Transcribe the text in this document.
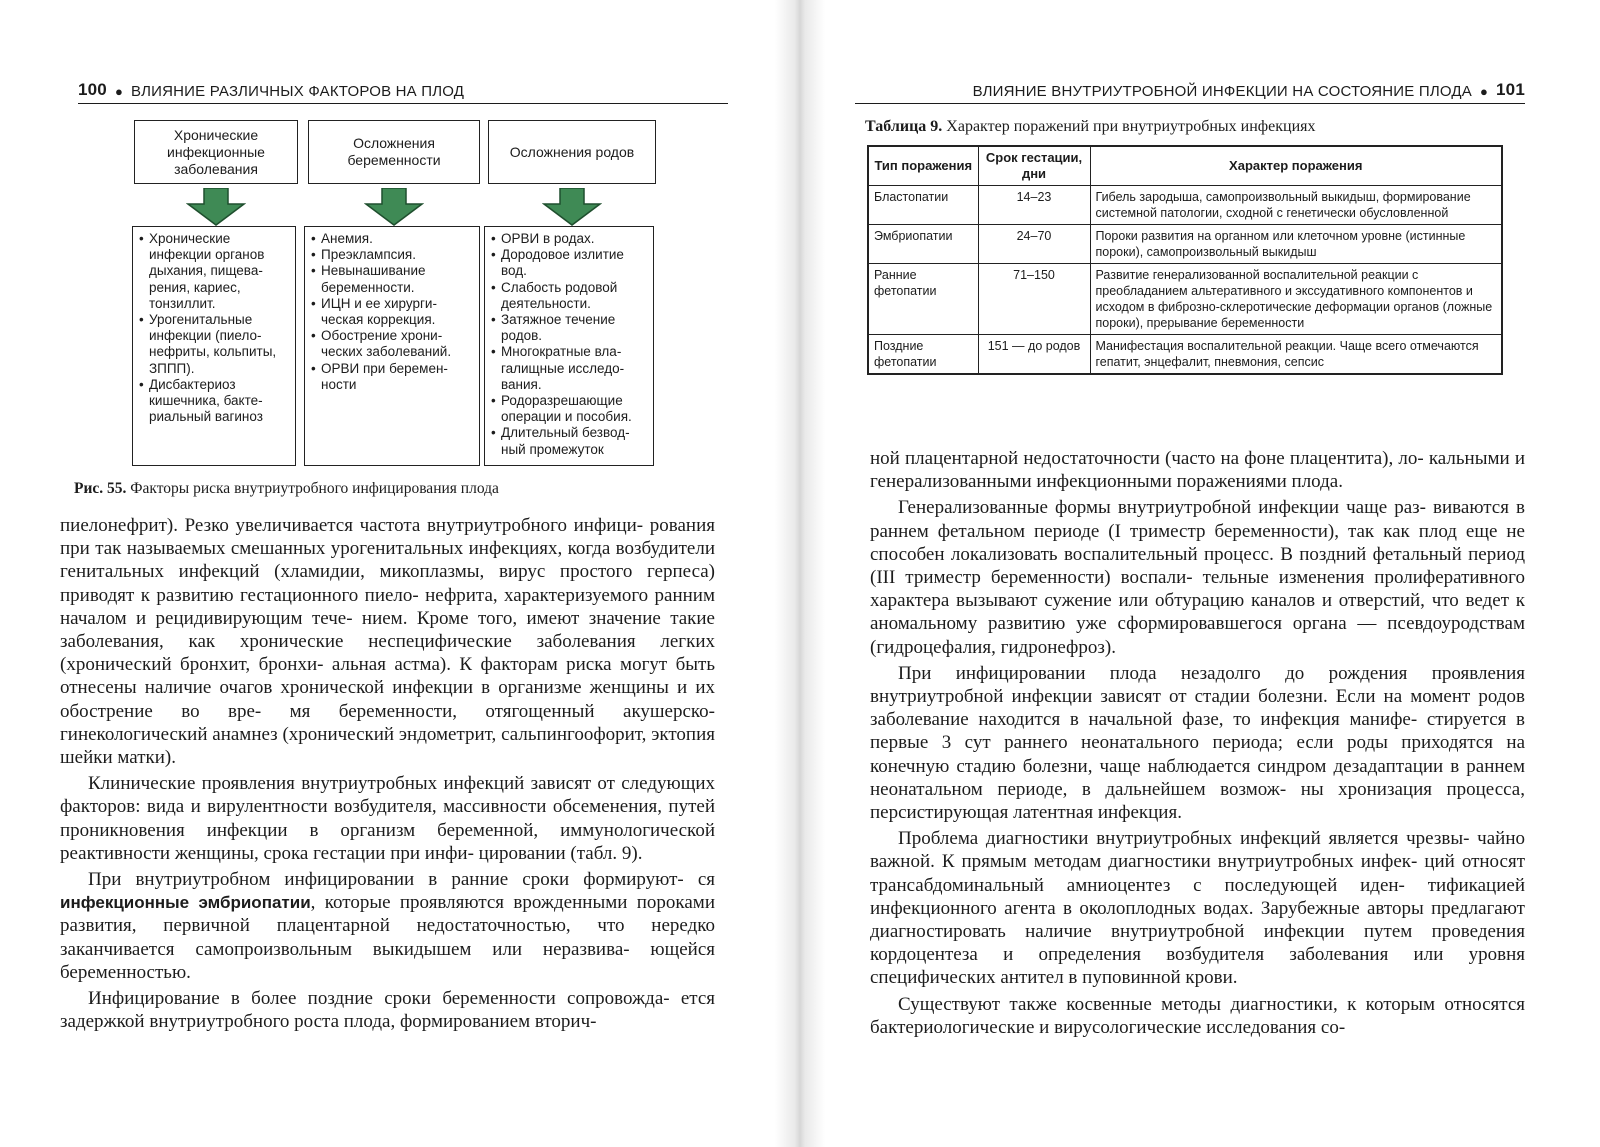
100 ● ВЛИЯНИЕ РАЗЛИЧНЫХ ФАКТОРОВ НА ПЛОД
Хронические инфекционные заболевания
Осложнения беременности
Осложнения родов
• Хронические инфекции органов дыхания, пищева- рения, кариес, тонзиллит.
• Урогенитальные инфекции (пиело- нефриты, кольпиты, ЗППП).
• Дисбактериоз кишечника, бакте- риальный вагиноз
• Анемия.
• Преэклампсия.
• Невынашивание беременности.
• ИЦН и ее хирурги- ческая коррекция.
• Обострение хрони- ческих заболеваний.
• ОРВИ при беремен- ности
• ОРВИ в родах.
• Дородовое излитие вод.
• Слабость родовой деятельности.
• Затяжное течение родов.
• Многократные вла- галищные исследо- вания.
• Родоразрешающие операции и пособия.
• Длительный безвод- ный промежуток
Рис. 55. Факторы риска внутриутробного инфицирования плода

пиелонефрит). Резко увеличивается частота внутриутробного инфици- рования при так называемых смешанных урогенитальных инфекциях, когда возбудители генитальных инфекций (хламидии, микоплазмы, вирус простого герпеса) приводят к развитию гестационного пиело- нефрита, характеризуемого ранним началом и рецидивирующим тече- нием. Кроме того, имеют значение такие заболевания, как хронические неспецифические заболевания легких (хронический бронхит, бронхи- альная астма). К факторам риска могут быть отнесены наличие очагов хронической инфекции в организме женщины и их обострение во вре- мя беременности, отягощенный акушерско-гинекологический анамнез (хронический эндометрит, сальпингоофорит, эктопия шейки матки).

Клинические проявления внутриутробных инфекций зависят от следующих факторов: вида и вирулентности возбудителя, массивности обсеменения, путей проникновения инфекции в организм беременной, иммунологической реактивности женщины, срока гестации при инфи- цировании (табл. 9).

При внутриутробном инфицировании в ранние сроки формируют- ся инфекционные эмбриопатии, которые проявляются врожденными пороками развития, первичной плацентарной недостаточностью, что нередко заканчивается самопроизвольным выкидышем или неразвива- ющейся беременностью.

Инфицирование в более поздние сроки беременности сопровожда- ется задержкой внутриутробного роста плода, формированием вторич-

ВЛИЯНИЕ ВНУТРИУТРОБНОЙ ИНФЕКЦИИ НА СОСТОЯНИЕ ПЛОДА ● 101
Таблица 9. Характер поражений при внутриутробных инфекциях
Тип поражения	Срок гестации, дни	Характер поражения
Бластопатии	14–23	Гибель зародыша, самопроизвольный выкидыш, формирование системной патологии, сходной с генетически обусловленной
Эмбриопатии	24–70	Пороки развития на органном или клеточном уровне (истинные пороки), самопроизвольный выкидыш
Ранние фетопатии	71–150	Развитие генерализованной воспалительной реакции с преобладанием альтеративного и экссудативного компонентов и исходом в фиброзно-склеротические деформации органов (ложные пороки), прерывание беременности
Поздние фетопатии	151 — до родов	Манифестация воспалительной реакции. Чаще всего отмечаются гепатит, энцефалит, пневмония, сепсис

ной плацентарной недостаточности (часто на фоне плацентита), ло- кальными и генерализованными инфекционными поражениями плода.

Генерализованные формы внутриутробной инфекции чаще раз- виваются в раннем фетальном периоде (I триместр беременности), так как плод еще не способен локализовать воспалительный процесс. В поздний фетальный период (III триместр беременности) воспали- тельные изменения пролиферативного характера вызывают сужение или обтурацию каналов и отверстий, что ведет к аномальному развитию уже сформировавшегося органа — псевдоуродствам (гидроцефалия, гидронефроз).

При инфицировании плода незадолго до рождения проявления внутриутробной инфекции зависят от стадии болезни. Если на момент родов заболевание находится в начальной фазе, то инфекция манифе- стируется в первые 3 сут раннего неонатального периода; если роды приходятся на конечную стадию болезни, чаще наблюдается синдром дезадаптации в раннем неонатальном периоде, в дальнейшем возмож- ны хронизация процесса, персистирующая латентная инфекция.

Проблема диагностики внутриутробных инфекций является чрезвы- чайно важной. К прямым методам диагностики внутриутробных инфек- ций относят трансабдоминальный амниоцентез с последующей иден- тификацией инфекционного агента в околоплодных водах. Зарубежные авторы предлагают диагностировать наличие внутриутробной инфекции путем проведения кордоцентеза и определения возбудителя заболевания или уровня специфических антител в пуповинной крови.

Существуют также косвенные методы диагностики, к которым относятся бактериологические и вирусологические исследования со-
